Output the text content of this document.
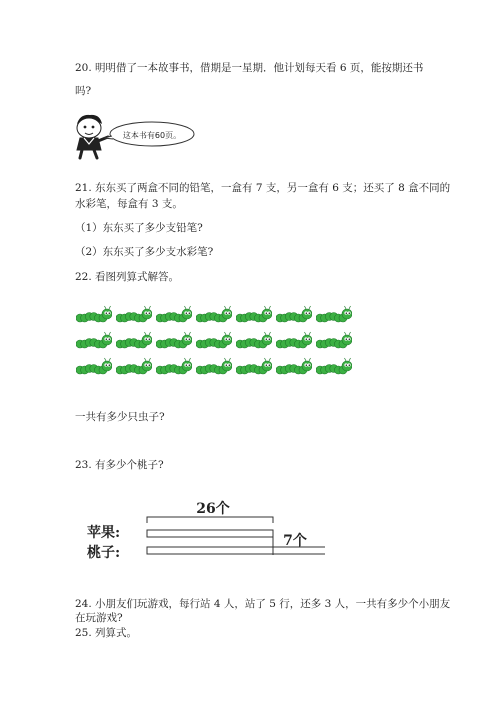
20. 明明借了一本故事书，借期是一星期．他计划每天看 6 页，能按期还书
吗?
这本书有60页。
21. 东东买了两盒不同的铅笔，一盒有 7 支，另一盒有 6 支；还买了 8 盒不同的
水彩笔，每盒有 3 支。
（1）东东买了多少支铅笔?
（2）东东买了多少支水彩笔?
22. 看图列算式解答。
一共有多少只虫子?
23. 有多少个桃子?
26个
苹果:
桃子:
7个
24. 小朋友们玩游戏，每行站 4 人，站了 5 行，还多 3 人，一共有多少个小朋友
在玩游戏?
25. 列算式。
